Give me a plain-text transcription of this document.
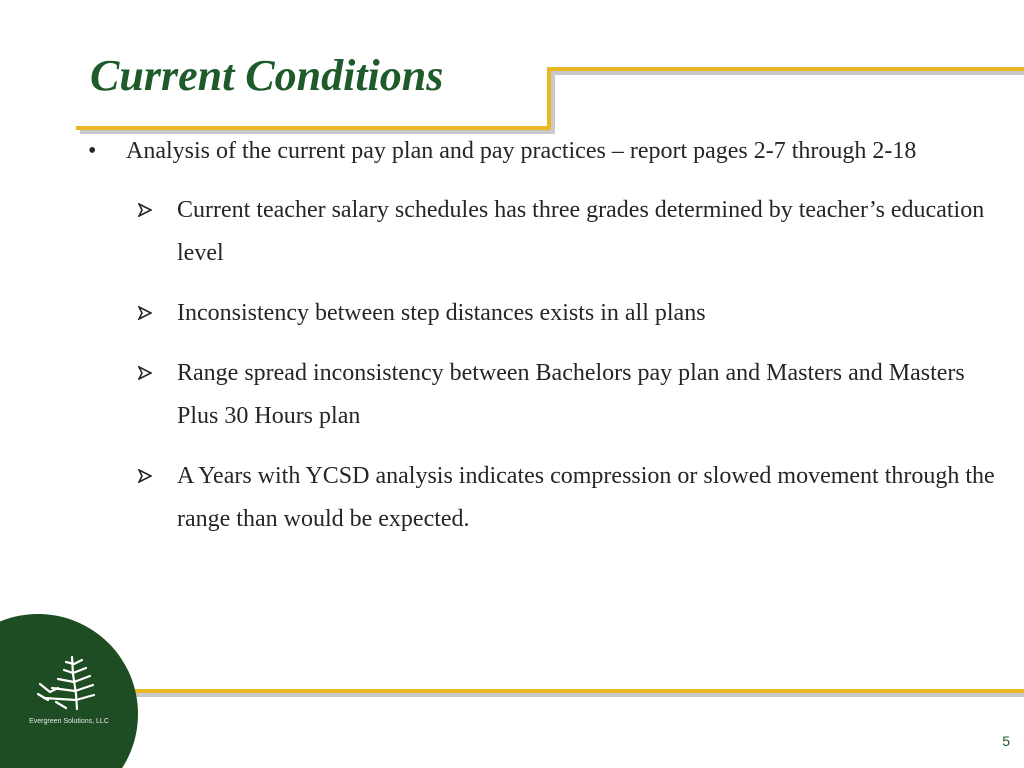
Current Conditions
• Analysis of the current pay plan and pay practices – report pages 2-7 through 2-18
Current teacher salary schedules has three grades determined by teacher’s education level
Inconsistency between step distances exists in all plans
Range spread inconsistency between Bachelors pay plan and Masters and Masters Plus 30 Hours plan
A Years with YCSD analysis indicates compression or slowed movement through the range than would be expected.
Evergreen Solutions, LLC
5
